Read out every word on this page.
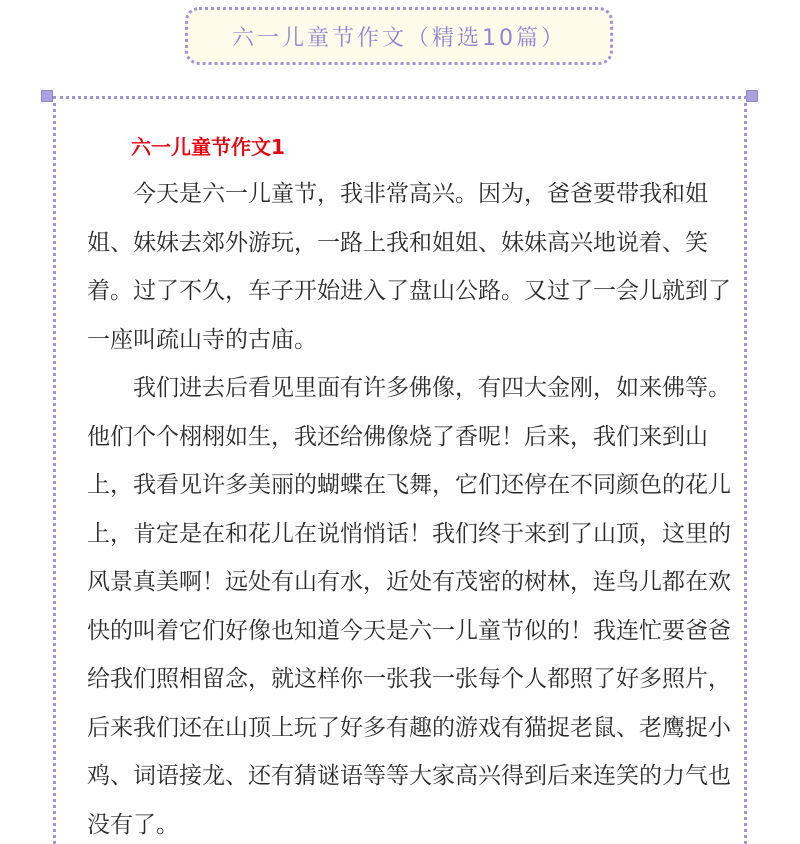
六一儿童节作文（精选10篇）
六一儿童节作文1
今天是六一儿童节，我非常高兴。因为，爸爸要带我和姐
姐、妹妹去郊外游玩，一路上我和姐姐、妹妹高兴地说着、笑
着。过了不久，车子开始进入了盘山公路。又过了一会儿就到了
一座叫疏山寺的古庙。
我们进去后看见里面有许多佛像，有四大金刚，如来佛等。
他们个个栩栩如生，我还给佛像烧了香呢！后来，我们来到山
上，我看见许多美丽的蝴蝶在飞舞，它们还停在不同颜色的花儿
上，肯定是在和花儿在说悄悄话！我们终于来到了山顶，这里的
风景真美啊！远处有山有水，近处有茂密的树林，连鸟儿都在欢
快的叫着它们好像也知道今天是六一儿童节似的！我连忙要爸爸
给我们照相留念，就这样你一张我一张每个人都照了好多照片，
后来我们还在山顶上玩了好多有趣的游戏有猫捉老鼠、老鹰捉小
鸡、词语接龙、还有猜谜语等等大家高兴得到后来连笑的力气也
没有了。
